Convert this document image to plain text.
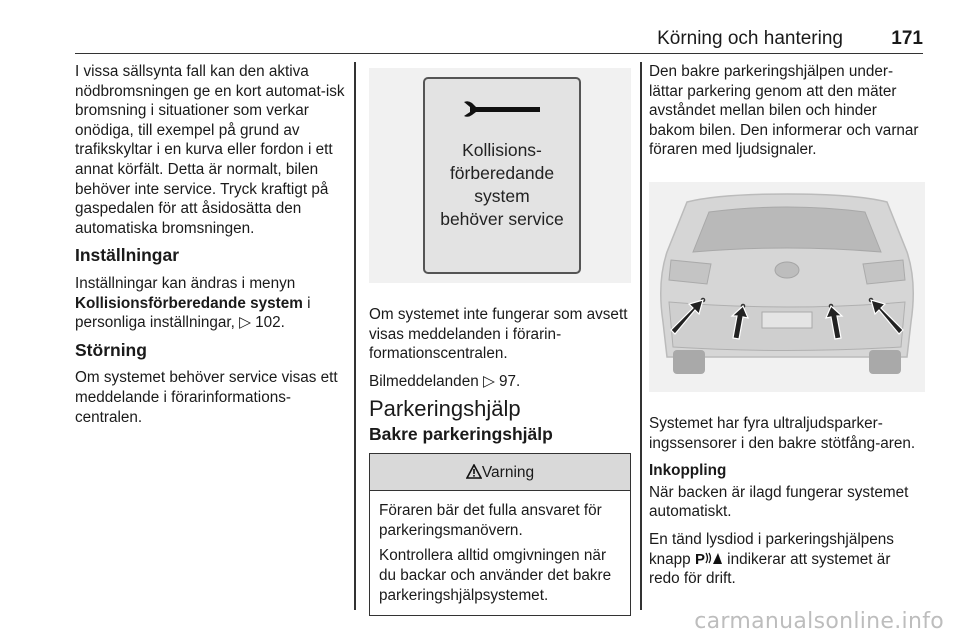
Körning och hantering	171

I vissa sällsynta fall kan den aktiva nödbromsningen ge en kort automat-isk bromsning i situationer som verkar onödiga, till exempel på grund av trafikskyltar i en kurva eller fordon i ett annat körfält. Detta är normalt, bilen behöver inte service. Tryck kraftigt på gaspedalen för att åsidosätta den automatiska bromsningen.

Inställningar

Inställningar kan ändras i menyn Kollisionsförberedande system i personliga inställningar, ▷ 102.

Störning

Om systemet behöver service visas ett meddelande i förarinformations-centralen.

Kollisions-
förberedande
system
behöver service

Om systemet inte fungerar som avsett visas meddelanden i förarin-formationscentralen.

Bilmeddelanden ▷ 97.

Parkeringshjälp
Bakre parkeringshjälp
Varning

Föraren bär det fulla ansvaret för parkeringsmanövern.

Kontrollera alltid omgivningen när du backar och använder det bakre parkeringshjälpsystemet.

Den bakre parkeringshjälpen under-lättar parkering genom att den mäter avståndet mellan bilen och hinder bakom bilen. Den informerar och varnar föraren med ljudsignaler.

Systemet har fyra ultraljudsparker-ingssensorer i den bakre stötfång-aren.

Inkoppling

När backen är ilagd fungerar systemet automatiskt.

En tänd lysdiod i parkeringshjälpens knapp P indikerar att systemet är redo för drift.

carmanualsonline.info
